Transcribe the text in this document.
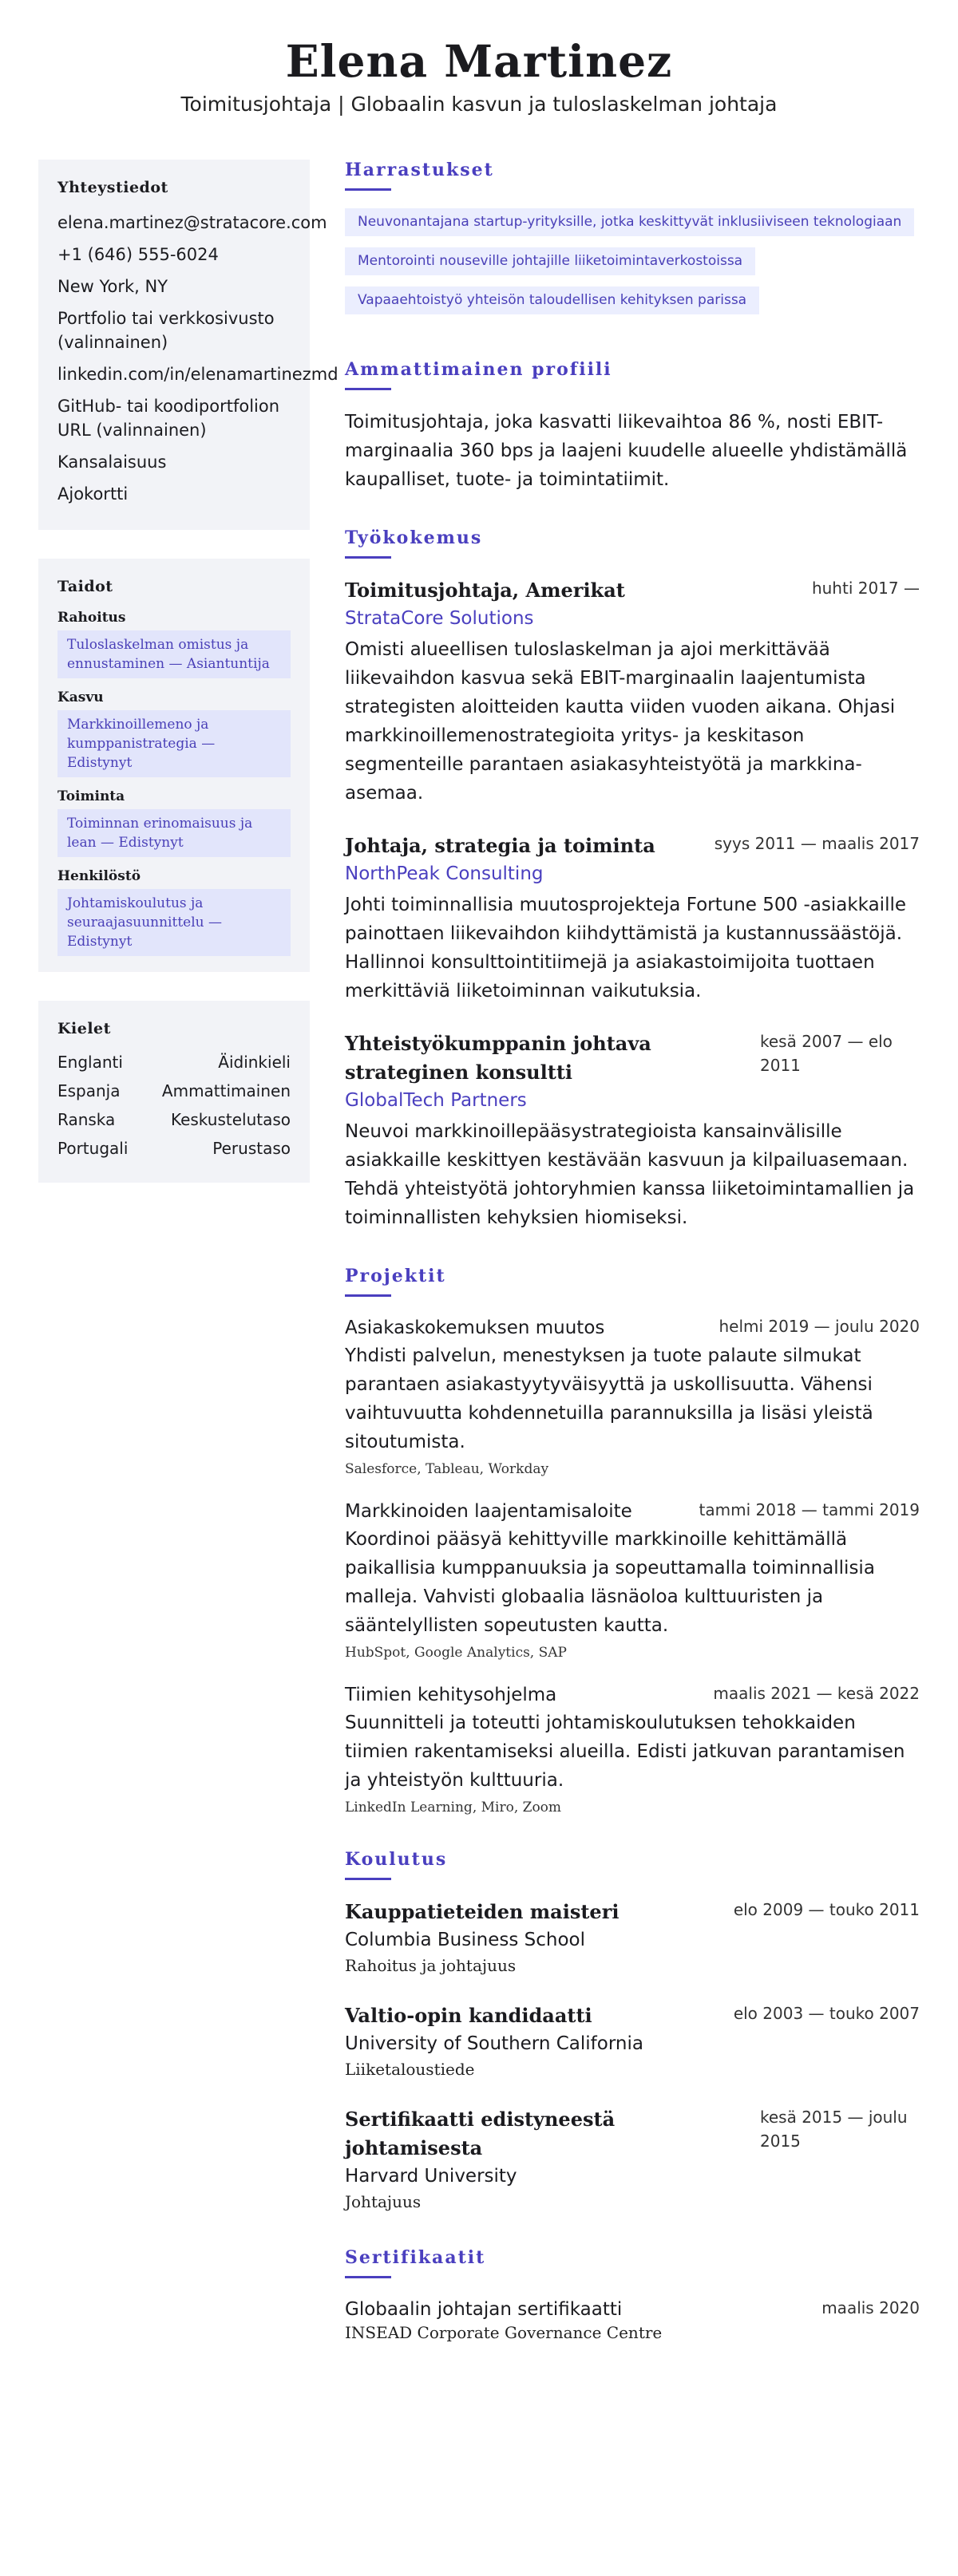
Elena Martinez
Toimitusjohtaja | Globaalin kasvun ja tuloslaskelman johtaja
Yhteystiedot
elena.martinez@stratacore.com
+1 (646) 555-6024
New York, NY
Portfolio tai verkkosivusto (valinnainen)
linkedin.com/in/elenamartinezmd
GitHub- tai koodiportfolion URL (valinnainen)
Kansalaisuus
Ajokortti
Taidot
Rahoitus
Tuloslaskelman omistus ja ennustaminen — Asiantuntija
Kasvu
Markkinoillemeno ja kumppanistrategia — Edistynyt
Toiminta
Toiminnan erinomaisuus ja lean — Edistynyt
Henkilöstö
Johtamiskoulutus ja seuraajasuunnittelu — Edistynyt
Kielet
Englanti	Äidinkieli
Espanja	Ammattimainen
Ranska	Keskustelutaso
Portugali	Perustaso
Harrastukset
Neuvonantajana startup-yrityksille, jotka keskittyvät inklusiiviseen teknologiaan
Mentorointi nouseville johtajille liiketoimintaverkostoissa
Vapaaehtoistyö yhteisön taloudellisen kehityksen parissa
Ammattimainen profiili

Toimitusjohtaja, joka kasvatti liikevaihtoa 86 %, nosti EBIT-marginaalia 360 bps ja laajeni kuudelle alueelle yhdistämällä kaupalliset, tuote- ja toimintatiimit.

Työkokemus
Toimitusjohtaja, Amerikat	huhti 2017 —
StrataCore Solutions

Omisti alueellisen tuloslaskelman ja ajoi merkittävää liikevaihdon kasvua sekä EBIT-marginaalin laajentumista strategisten aloitteiden kautta viiden vuoden aikana. Ohjasi markkinoillemenostrategioita yritys- ja keskitason segmenteille parantaen asiakasyhteistyötä ja markkina-asemaa.

Johtaja, strategia ja toiminta	syys 2011 — maalis 2017
NorthPeak Consulting

Johti toiminnallisia muutosprojekteja Fortune 500 -asiakkaille painottaen liikevaihdon kiihdyttämistä ja kustannussäästöjä. Hallinnoi konsulttointitiimejä ja asiakastoimijoita tuottaen merkittäviä liiketoiminnan vaikutuksia.

Yhteistyökumppanin johtava strateginen konsultti
kesä 2007 — elo 2011
GlobalTech Partners

Neuvoi markkinoillepääsystrategioista kansainvälisille asiakkaille keskittyen kestävään kasvuun ja kilpailuasemaan. Tehdä yhteistyötä johtoryhmien kanssa liiketoimintamallien ja toiminnallisten kehyksien hiomiseksi.

Projektit
Asiakaskokemuksen muutos	helmi 2019 — joulu 2020

Yhdisti palvelun, menestyksen ja tuote palaute silmukat parantaen asiakastyytyväisyyttä ja uskollisuutta. Vähensi vaihtuvuutta kohdennetuilla parannuksilla ja lisäsi yleistä sitoutumista.

Salesforce, Tableau, Workday
Markkinoiden laajentamisaloite	tammi 2018 — tammi 2019

Koordinoi pääsyä kehittyville markkinoille kehittämällä paikallisia kumppanuuksia ja sopeuttamalla toiminnallisia malleja. Vahvisti globaalia läsnäoloa kulttuuristen ja sääntelyllisten sopeutusten kautta.

HubSpot, Google Analytics, SAP
Tiimien kehitysohjelma	maalis 2021 — kesä 2022

Suunnitteli ja toteutti johtamiskoulutuksen tehokkaiden tiimien rakentamiseksi alueilla. Edisti jatkuvan parantamisen ja yhteistyön kulttuuria.

LinkedIn Learning, Miro, Zoom
Koulutus
Kauppatieteiden maisteri	elo 2009 — touko 2011
Columbia Business School
Rahoitus ja johtajuus
Valtio-opin kandidaatti	elo 2003 — touko 2007
University of Southern California
Liiketaloustiede
Sertifikaatti edistyneestä johtamisesta
kesä 2015 — joulu 2015
Harvard University
Johtajuus
Sertifikaatit
Globaalin johtajan sertifikaatti	maalis 2020
INSEAD Corporate Governance Centre
